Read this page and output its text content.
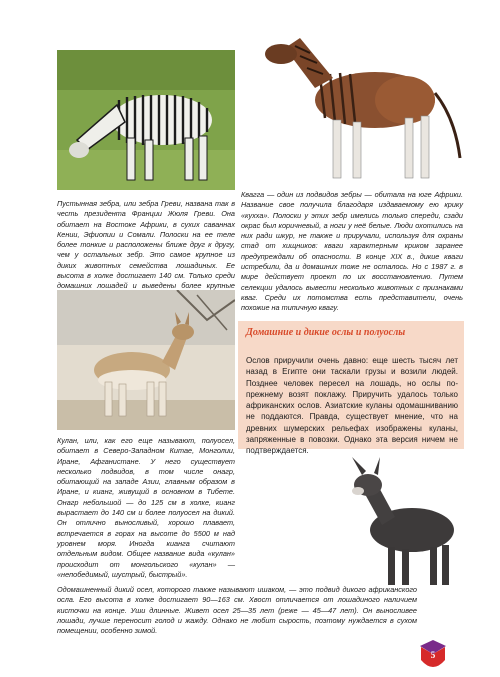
Пустынная зебра, или зебра Греви, названа так в честь президента Франции Жюля Греви. Она обитает на Востоке Африки, в сухих саваннах Кении, Эфиопии и Сомали. Полоски на ее теле более тонкие и расположены ближе друг к другу, чем у остальных зебр. Это самое крупное из диких животных семейства лошадиных. Ее высота в холке достигает 140 см. Только среди домашних лошадей и выведены более крупные

Квагга — один из подвидов зебры — обитала на юге Африки. Название свое получила благодаря издаваемому ею крику «кухха». Полоски у этих зебр имелись только спереди, сзади окрас был коричневый, а ноги у неё белые. Люди охотились на них ради шкур, не также и приручали, используя для охраны стад от хищников: кваги характерным криком заранее предупреждали об опасности. В конце XIX в., дикие кваги истребили, да и домашних тоже не осталось. Но с 1987 г. в мире действует проект по их восстановлению. Путем селекции удалось вывести несколько животных с признаками кваг. Среди их потомства есть представители, очень похожие на типичную квагу.

Кулан, или, как его еще называют, полуосел, обитает в Северо-Западном Китае, Монголии, Иране, Афганистане. У него существует несколько подвидов, в том числе онагр, обитающий на западе Азии, главным образом в Иране, и кианг, живущий в основном в Тибете. Онагр небольшой — до 125 см в холке, кианг вырастает до 140 см и более полуосел на дикий. Он отлично выносливый, хорошо плавает, встречается в горах на высоте до 5500 м над уровнем моря. Иногда киангa считают отдельным видом. Общее название вида «кулан» происходит от монгольского «кулан» — «непобедимый, шустрый, быстрый».

Домашние и дикие ослы и полуослы

Ослов приручили очень давно: еще шесть тысяч лет назад в Египте они таскали грузы и возили людей. Позднее человек пересел на лошадь, но ослы по-прежнему возят поклажу. Приручить удалось только африканских ослов. Азиатские куланы одомашниванию не поддаются. Правда, существует мнение, что на древних шумерских рельефах изображены куланы, запряженные в повозки. Однако эта версия ничем не подтверждается.

Одомашненный дикий осел, которого также называют ишаком, — это подвид дикого африканского осла. Его высота в холке достигает 90—163 см. Хвост отличается от лошадиного наличием кисточки на конце. Уши длинные. Живет осел 25—35 лет (реже — 45—47 лет). Он выносливее лошади, лучше переносит голод и жажду. Однако не любит сырость, поэтому нуждается в сухом помещении, особенно зимой.

5
